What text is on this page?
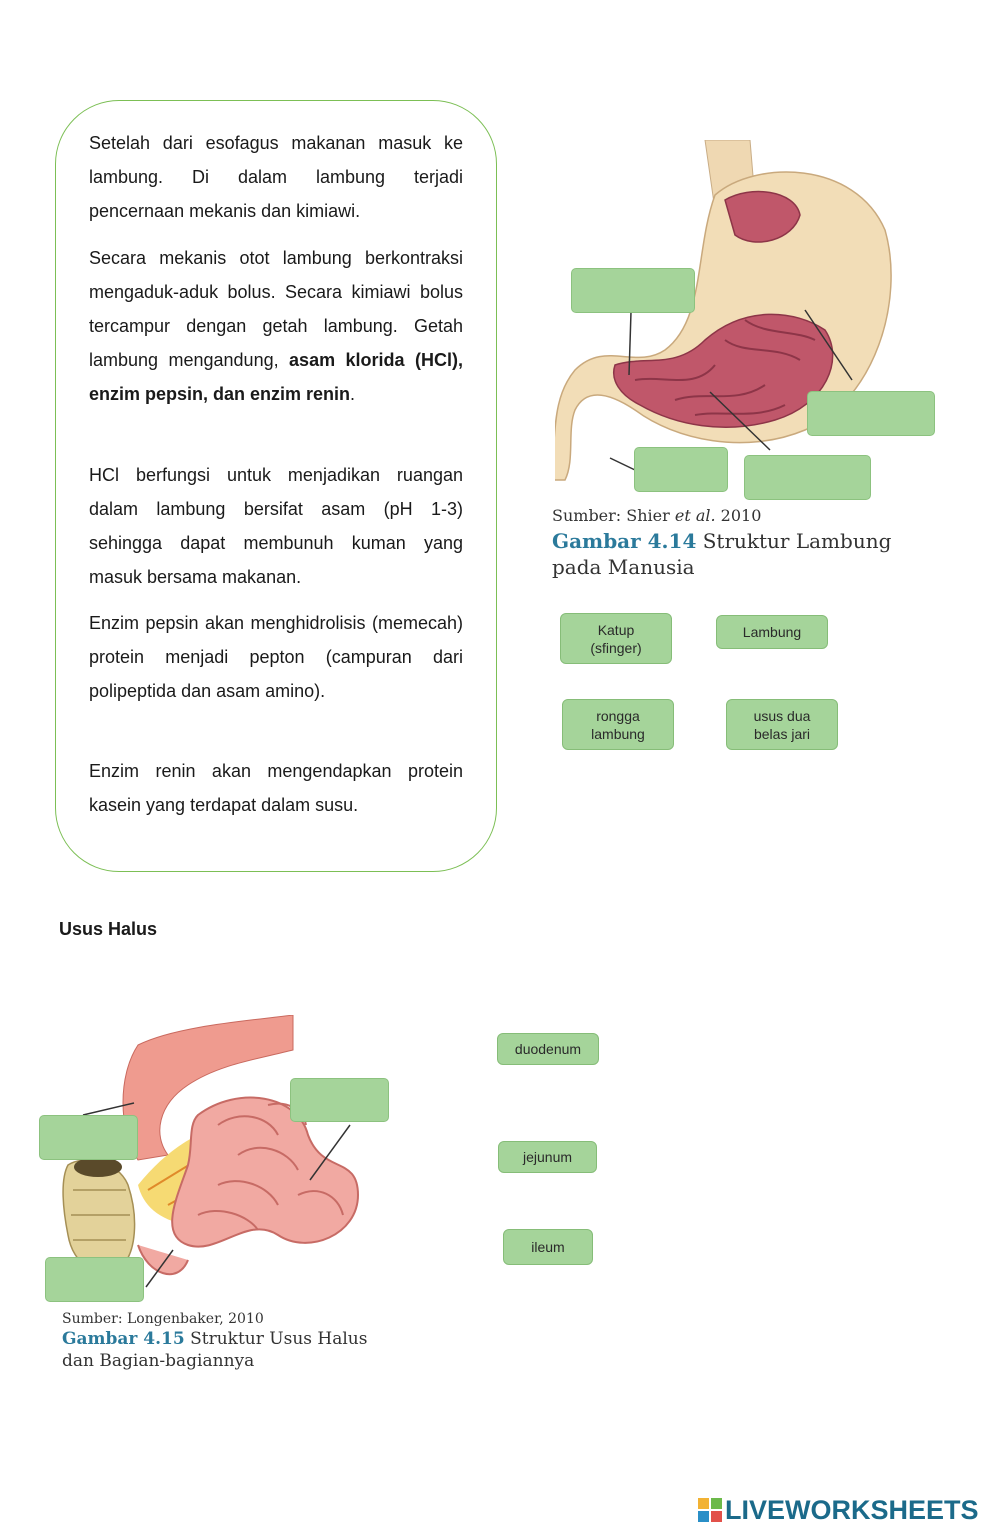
Setelah dari esofagus makanan masuk ke lambung. Di dalam lambung terjadi pencernaan mekanis dan kimiawi.

Secara mekanis otot lambung berkontraksi mengaduk-aduk bolus. Secara kimiawi bolus tercampur dengan getah lambung. Getah lambung mengandung, asam klorida (HCl), enzim pepsin, dan enzim renin.

HCl berfungsi untuk menjadikan ruangan dalam lambung bersifat asam (pH 1-3) sehingga dapat membunuh kuman yang masuk bersama makanan.

Enzim pepsin akan menghidrolisis (memecah) protein menjadi pepton (campuran dari polipeptida dan asam amino).

Enzim renin akan mengendapkan protein kasein yang terdapat dalam susu.

Sumber: Shier et al. 2010
Gambar 4.14 Struktur Lambung
pada Manusia
Katup
(sfinger)
Lambung
rongga
lambung
usus dua
belas jari
Usus Halus
Sumber: Longenbaker, 2010
Gambar 4.15 Struktur Usus Halus
dan Bagian-bagiannya
duodenum
jejunum
ileum
LIVEWORKSHEETS
